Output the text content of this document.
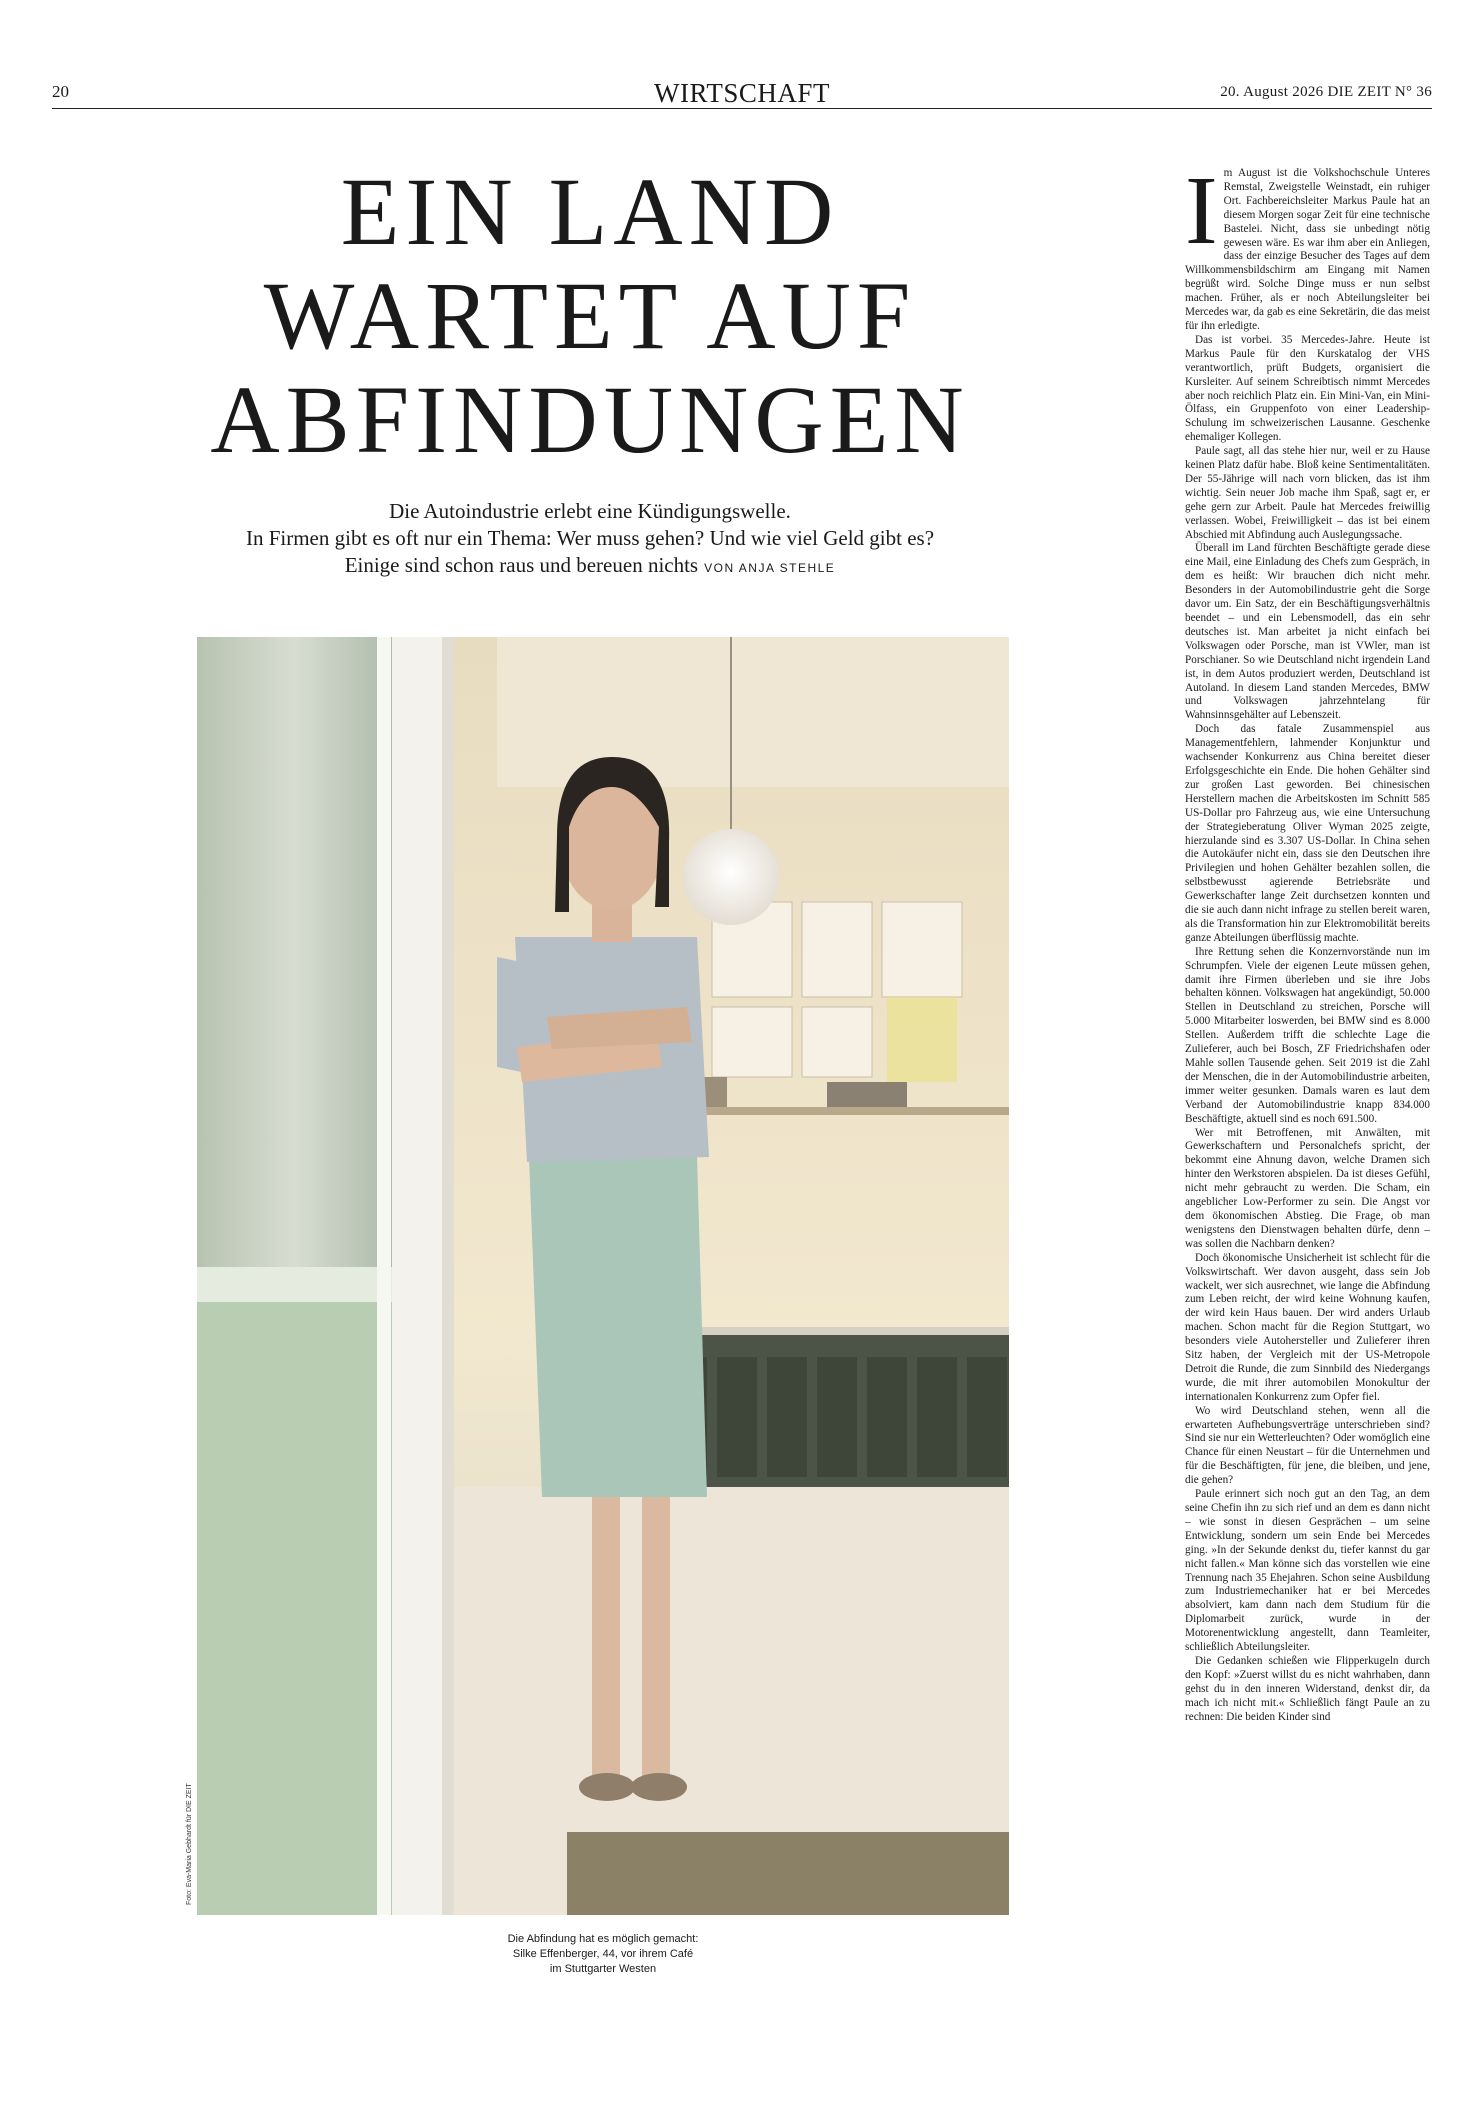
20	WIRTSCHAFT	20. August 2026 DIE ZEIT N° 36
EIN LAND
WARTET AUF
ABFINDUNGEN
Die Autoindustrie erlebt eine Kündigungswelle.
In Firmen gibt es oft nur ein Thema: Wer muss gehen? Und wie viel Geld gibt es?
Einige sind schon raus und bereuen nichts VON ANJA STEHLE
Foto: Eva-Maria Gebhardt für DIE ZEIT
Die Abfindung hat es möglich gemacht:
Silke Effenberger, 44, vor ihrem Café
im Stuttgarter Westen

Im August ist die Volkshochschule Unteres Remstal, Zweigstelle Weinstadt, ein ruhiger Ort. Fachbereichsleiter Markus Paule hat an diesem Morgen sogar Zeit für eine technische Bastelei. Nicht, dass sie unbedingt nötig gewesen wäre. Es war ihm aber ein Anliegen, dass der einzige Besucher des Tages auf dem Willkommensbildschirm am Eingang mit Namen begrüßt wird. Solche Dinge muss er nun selbst machen. Früher, als er noch Abteilungsleiter bei Mercedes war, da gab es eine Sekretärin, die das meist für ihn erledigte.

Das ist vorbei. 35 Mercedes-Jahre. Heute ist Markus Paule für den Kurskatalog der VHS verantwortlich, prüft Budgets, organisiert die Kursleiter. Auf seinem Schreibtisch nimmt Mercedes aber noch reichlich Platz ein. Ein Mini-Van, ein Mini-Ölfass, ein Gruppenfoto von einer Leadership-Schulung im schweizerischen Lausanne. Geschenke ehemaliger Kollegen.

Paule sagt, all das stehe hier nur, weil er zu Hause keinen Platz dafür habe. Bloß keine Sentimentalitäten. Der 55-Jährige will nach vorn blicken, das ist ihm wichtig. Sein neuer Job mache ihm Spaß, sagt er, er gehe gern zur Arbeit. Paule hat Mercedes freiwillig verlassen. Wobei, Freiwilligkeit – das ist bei einem Abschied mit Abfindung auch Auslegungssache.

Überall im Land fürchten Beschäftigte gerade diese eine Mail, eine Einladung des Chefs zum Gespräch, in dem es heißt: Wir brauchen dich nicht mehr. Besonders in der Automobilindustrie geht die Sorge davor um. Ein Satz, der ein Beschäftigungsverhältnis beendet – und ein Lebensmodell, das ein sehr deutsches ist. Man arbeitet ja nicht einfach bei Volkswagen oder Porsche, man ist VWler, man ist Porschianer. So wie Deutschland nicht irgendein Land ist, in dem Autos produziert werden, Deutschland ist Autoland. In diesem Land standen Mercedes, BMW und Volkswagen jahrzehntelang für Wahnsinnsgehälter auf Lebenszeit.

Doch das fatale Zusammenspiel aus Managementfehlern, lahmender Konjunktur und wachsender Konkurrenz aus China bereitet dieser Erfolgsgeschichte ein Ende. Die hohen Gehälter sind zur großen Last geworden. Bei chinesischen Herstellern machen die Arbeitskosten im Schnitt 585 US-Dollar pro Fahrzeug aus, wie eine Untersuchung der Strategieberatung Oliver Wyman 2025 zeigte, hierzulande sind es 3.307 US-Dollar. In China sehen die Autokäufer nicht ein, dass sie den Deutschen ihre Privilegien und hohen Gehälter bezahlen sollen, die selbstbewusst agierende Betriebsräte und Gewerkschafter lange Zeit durchsetzen konnten und die sie auch dann nicht infrage zu stellen bereit waren, als die Transformation hin zur Elektromobilität bereits ganze Abteilungen überflüssig machte.

Ihre Rettung sehen die Konzernvorstände nun im Schrumpfen. Viele der eigenen Leute müssen gehen, damit ihre Firmen überleben und sie ihre Jobs behalten können. Volkswagen hat angekündigt, 50.000 Stellen in Deutschland zu streichen, Porsche will 5.000 Mitarbeiter loswerden, bei BMW sind es 8.000 Stellen. Außerdem trifft die schlechte Lage die Zulieferer, auch bei Bosch, ZF Friedrichshafen oder Mahle sollen Tausende gehen. Seit 2019 ist die Zahl der Menschen, die in der Automobilindustrie arbeiten, immer weiter gesunken. Damals waren es laut dem Verband der Automobilindustrie knapp 834.000 Beschäftigte, aktuell sind es noch 691.500.

Wer mit Betroffenen, mit Anwälten, mit Gewerkschaftern und Personalchefs spricht, der bekommt eine Ahnung davon, welche Dramen sich hinter den Werkstoren abspielen. Da ist dieses Gefühl, nicht mehr gebraucht zu werden. Die Scham, ein angeblicher Low-Performer zu sein. Die Angst vor dem ökonomischen Abstieg. Die Frage, ob man wenigstens den Dienstwagen behalten dürfe, denn – was sollen die Nachbarn denken?

Doch ökonomische Unsicherheit ist schlecht für die Volkswirtschaft. Wer davon ausgeht, dass sein Job wackelt, wer sich ausrechnet, wie lange die Abfindung zum Leben reicht, der wird keine Wohnung kaufen, der wird kein Haus bauen. Der wird anders Urlaub machen. Schon macht für die Region Stuttgart, wo besonders viele Autohersteller und Zulieferer ihren Sitz haben, der Vergleich mit der US-Metropole Detroit die Runde, die zum Sinnbild des Niedergangs wurde, die mit ihrer automobilen Monokultur der internationalen Konkurrenz zum Opfer fiel.

Wo wird Deutschland stehen, wenn all die erwarteten Aufhebungsverträge unterschrieben sind? Sind sie nur ein Wetterleuchten? Oder womöglich eine Chance für einen Neustart – für die Unternehmen und für die Beschäftigten, für jene, die bleiben, und jene, die gehen?

Paule erinnert sich noch gut an den Tag, an dem seine Chefin ihn zu sich rief und an dem es dann nicht – wie sonst in diesen Gesprächen – um seine Entwicklung, sondern um sein Ende bei Mercedes ging. »In der Sekunde denkst du, tiefer kannst du gar nicht fallen.« Man könne sich das vorstellen wie eine Trennung nach 35 Ehejahren. Schon seine Ausbildung zum Industriemechaniker hat er bei Mercedes absolviert, kam dann nach dem Studium für die Diplomarbeit zurück, wurde in der Motorenentwicklung angestellt, dann Teamleiter, schließlich Abteilungsleiter.

Die Gedanken schießen wie Flipperkugeln durch den Kopf: »Zuerst willst du es nicht wahrhaben, dann gehst du in den inneren Widerstand, denkst dir, da mach ich nicht mit.« Schließlich fängt Paule an zu rechnen: Die beiden Kinder sind
